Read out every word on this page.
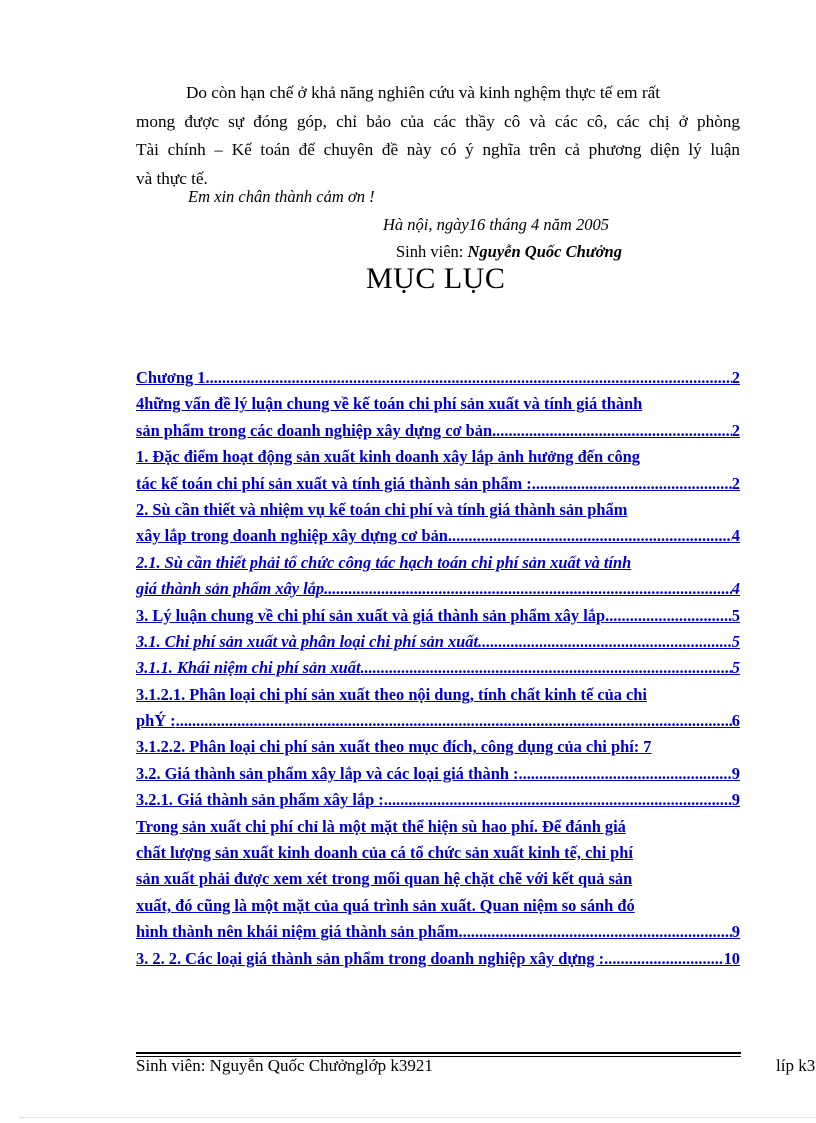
Do còn hạn chế ở khả năng nghiên cứu và kinh nghệm thực tế em rất
mong được sự đóng góp, chỉ bảo của các thầy cô và các cô, các chị ở phòng
Tài chính – Kế toán để chuyên đề này có ý nghĩa trên cả phương diện lý luận
và thực tế.
Em xin chân thành cảm ơn !
Hà nội, ngày16 tháng 4 năm 2005
Sinh viên: Nguyễn Quốc Chưởng
MỤC LỤC
Chương 1 .....	2
4hững vấn đề lý luận chung về kế toán chi phí sản xuất và tính giá thành
sản phẩm trong các doanh nghiệp xây dựng cơ bản .....	2
1. Đặc điểm hoạt động sản xuất kinh doanh xây lắp ảnh hưởng đến công
tác kế toán chi phí sản xuất và tính giá thành sản phẩm : .....	2
2. Sù cần thiết và nhiệm vụ kế toán chi phí và tính giá thành sản phẩm
xây lắp trong doanh nghiệp xây dựng cơ bản. .....	4
2.1. Sù cần thiết phải tổ chức công tác hạch toán chi phí sản xuất và tính
giá thành sản phẩm xây lắp. .....	4
3. Lý luận chung về chi phí sản xuất và giá thành sản phẩm xây lắp .....	5
3.1. Chi phí sản xuất và phân loại chi phí sản xuất .....	5
3.1.1. Khái niệm chi phí sản xuất .....	5
3.1.2.1. Phân loại chi phí sản xuất theo nội dung, tính chất kinh tế của chi
phÝ : .....	6
3.1.2.2. Phân loại chi phí sản xuất theo mục đích, công dụng của chi phí: 7
3.2. Giá thành sản phẩm xây lắp và các loại giá thành : .....	9
3.2.1. Giá thành sản phẩm xây lắp : .....	9
Trong sản xuất chi phí chỉ là một mặt thể hiện sù hao phí. Để đánh giá
chất lượng sản xuất kinh doanh của cá tổ chức sản xuất kinh tế, chi phí
sản xuất phải được xem xét trong mối quan hệ chặt chẽ với kết quả sản
xuất, đó cũng là một mặt của quá trình sản xuất. Quan niệm so sánh đó
hình thành nên khái niệm giá thành sản phẩm. .....	9
3. 2. 2. Các loại giá thành sản phẩm trong doanh nghiệp xây dựng : .....	10
Sinh viên: Nguyễn Quốc Chưởnglớp k3921	líp k3
